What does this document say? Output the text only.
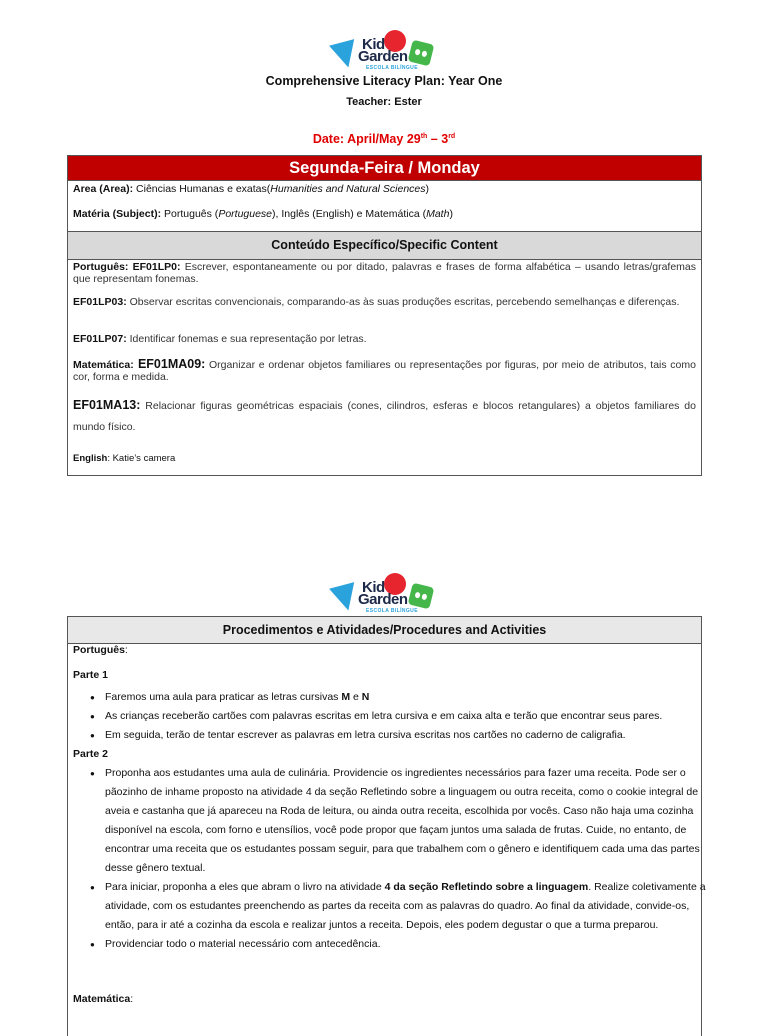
Kid
Garden
ESCOLA BILÍNGUE
Comprehensive Literacy Plan: Year One
Teacher: Ester
Date: April/May 29th – 3rd
Segunda-Feira / Monday
Area (Area): Ciências Humanas e exatas(Humanities and Natural Sciences)
Matéria (Subject): Português (Portuguese), Inglês (English) e Matemática (Math)
Conteúdo Específico/Specific Content
Português: EF01LP0: Escrever, espontaneamente ou por ditado, palavras e frases de forma alfabética – usando letras/grafemas que representam fonemas.
EF01LP03: Observar escritas convencionais, comparando-as às suas produções escritas, percebendo semelhanças e diferenças.
EF01LP07: Identificar fonemas e sua representação por letras.
Matemática: EF01MA09: Organizar e ordenar objetos familiares ou representações por figuras, por meio de atributos, tais como cor, forma e medida.
EF01MA13: Relacionar figuras geométricas espaciais (cones, cilindros, esferas e blocos retangulares) a objetos familiares do mundo físico.
English: Katie’s camera
Kid
Garden
ESCOLA BILÍNGUE
Procedimentos e Atividades/Procedures and Activities
Português:
Parte 1
● Faremos uma aula para praticar as letras cursivas M e N
● As crianças receberão cartões com palavras escritas em letra cursiva e em caixa alta e terão que encontrar seus pares.
● Em seguida, terão de tentar escrever as palavras em letra cursiva escritas nos cartões no caderno de caligrafia.
Parte 2
● Proponha aos estudantes uma aula de culinária. Providencie os ingredientes necessários para fazer uma receita. Pode ser o pãozinho de inhame proposto na atividade 4 da seção Refletindo sobre a linguagem ou outra receita, como o cookie integral de aveia e castanha que já apareceu na Roda de leitura, ou ainda outra receita, escolhida por vocês. Caso não haja uma cozinha disponível na escola, com forno e utensílios, você pode propor que façam juntos uma salada de frutas. Cuide, no entanto, de encontrar uma receita que os estudantes possam seguir, para que trabalhem com o gênero e identifiquem cada uma das partes desse gênero textual.
● Para iniciar, proponha a eles que abram o livro na atividade 4 da seção Refletindo sobre a linguagem. Realize coletivamente a atividade, com os estudantes preenchendo as partes da receita com as palavras do quadro. Ao final da atividade, convide-os, então, para ir até a cozinha da escola e realizar juntos a receita. Depois, eles podem degustar o que a turma preparou.
● Providenciar todo o material necessário com antecedência.
Matemática:
